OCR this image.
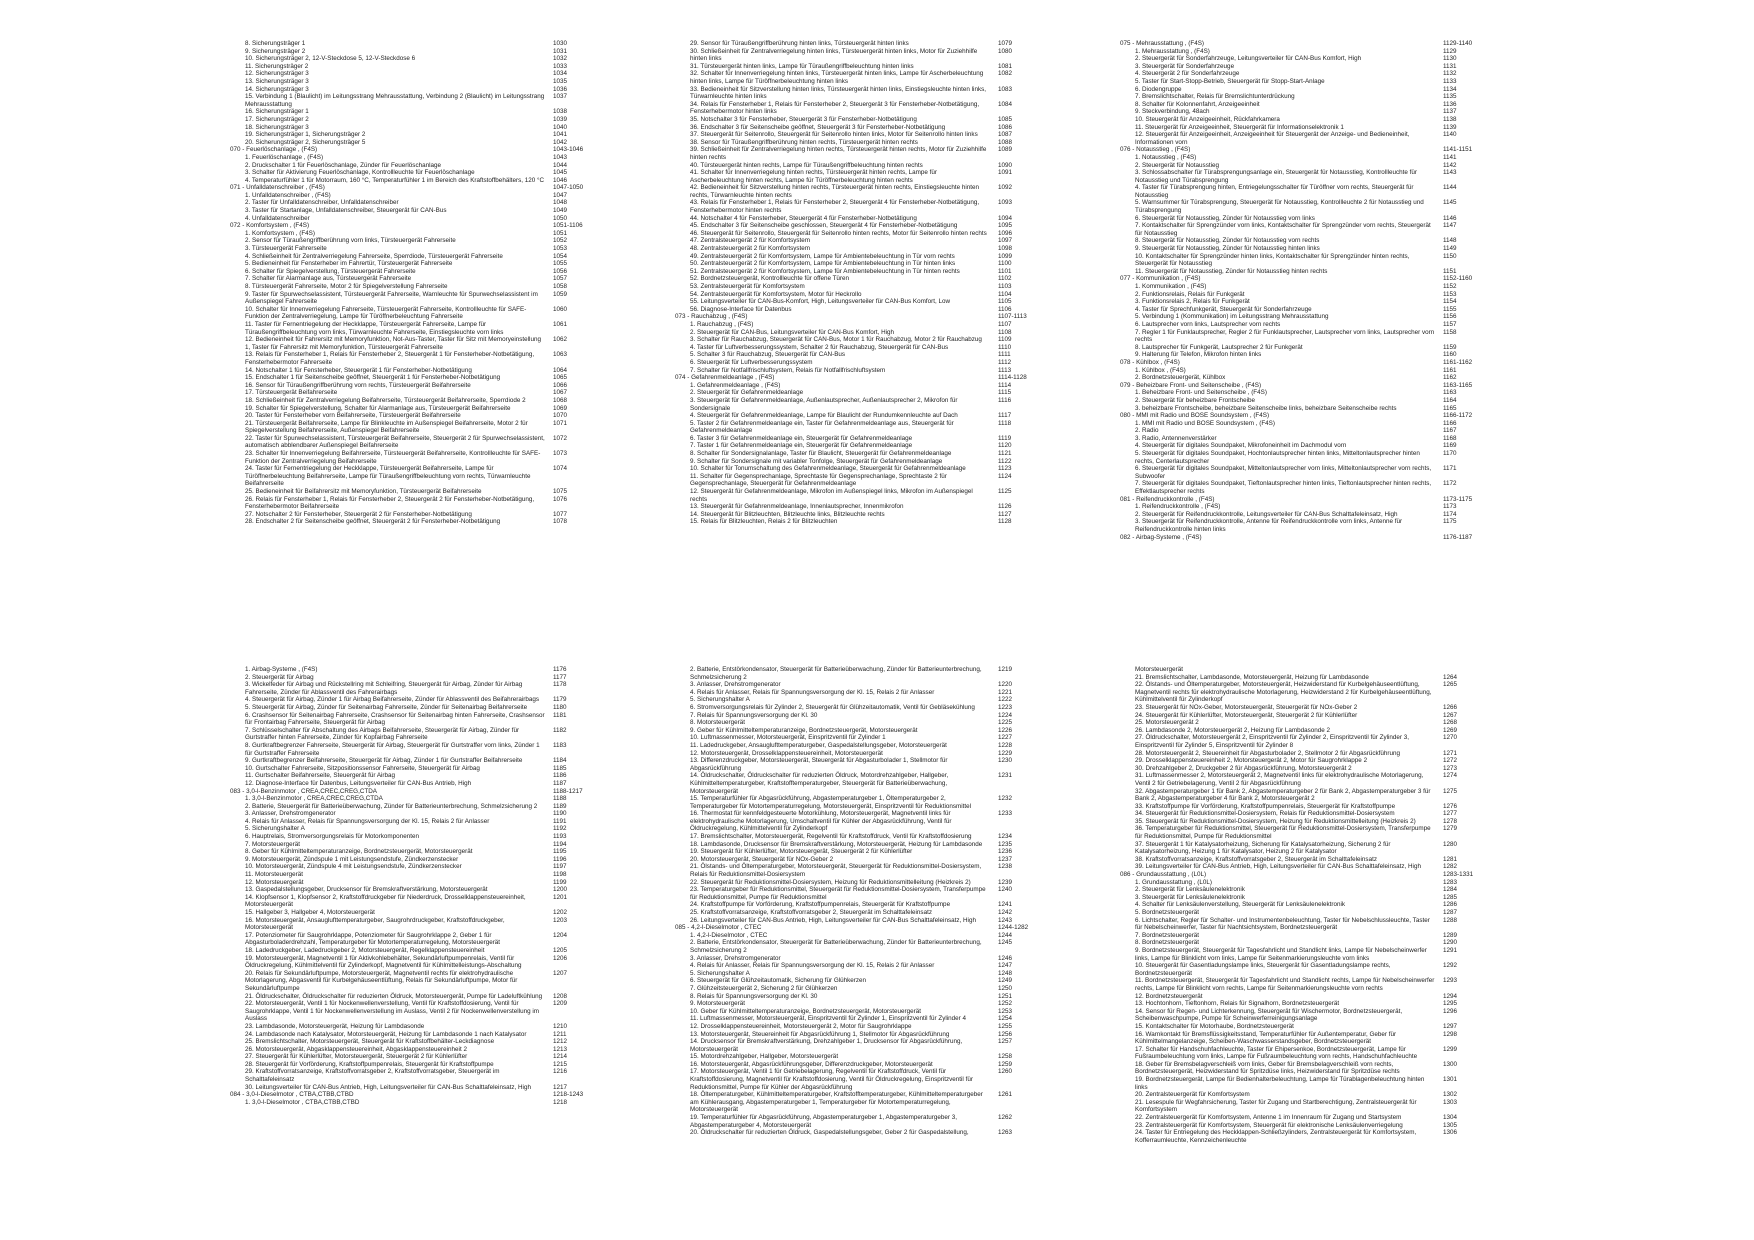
8. Sicherungsträger 1	1030
9. Sicherungsträger 2	1031
10. Sicherungsträger 2, 12-V-Steckdose 5, 12-V-Steckdose 6	1032
11. Sicherungsträger 2	1033
12. Sicherungsträger 3	1034
13. Sicherungsträger 3	1035
14. Sicherungsträger 3	1036
15. Verbindung 1 (Blaulicht) im Leitungsstrang Mehrausstattung, Verbindung 2 (Blaulicht) im Leitungsstrang Mehrausstattung
1037
16. Sicherungsträger 1	1038
17. Sicherungsträger 2	1039
18. Sicherungsträger 3	1040
19. Sicherungsträger 1, Sicherungsträger 2	1041
20. Sicherungsträger 2, Sicherungsträger 5	1042
070 - Feuerlöschanlage , (F4S)	1043-1046
1. Feuerlöschanlage , (F4S)	1043
2. Druckschalter 1 für Feuerlöschanlage, Zünder für Feuerlöschanlage	1044
3. Schalter für Aktivierung Feuerlöschanlage, Kontrollleuchte für Feuerlöschanlage	1045
4. Temperaturfühler 1 für Motorraum, 160 °C, Temperaturfühler 1 im Bereich des Kraftstoffbehälters, 120 °C	1046
071 - Unfalldatenschreiber , (F4S)	1047-1050
1. Unfalldatenschreiber , (F4S)	1047
2. Taster für Unfalldatenschreiber, Unfalldatenschreiber	1048
3. Taster für Startanlage, Unfalldatenschreiber, Steuergerät für CAN-Bus	1049
4. Unfalldatenschreiber	1050
072 - Komfortsystem , (F4S)	1051-1106
1. Komfortsystem , (F4S)	1051
2. Sensor für Türaußengriffberührung vorn links, Türsteuergerät Fahrerseite	1052
3. Türsteuergerät Fahrerseite	1053
4. Schließeinheit für Zentralverriegelung Fahrerseite, Sperrdiode, Türsteuergerät Fahrerseite	1054
5. Bedieneinheit für Fensterheber im Fahrertür, Türsteuergerät Fahrerseite	1055
6. Schalter für Spiegelverstellung, Türsteuergerät Fahrerseite	1056
7. Schalter für Alarmanlage aus, Türsteuergerät Fahrerseite	1057
8. Türsteuergerät Fahrerseite, Motor 2 für Spiegelverstellung Fahrerseite	1058
9. Taster für Spurwechselassistent, Türsteuergerät Fahrerseite, Warnleuchte für Spurwechselassistent im Außenspiegel Fahrerseite
1059
10. Schalter für Innenverriegelung Fahrerseite, Türsteuergerät Fahrerseite, Kontrollleuchte für SAFE-Funktion der Zentralverriegelung, Lampe für Türöffnerbeleuchtung Fahrerseite
1060
11. Taster für Fernentriegelung der Heckklappe, Türsteuergerät Fahrerseite, Lampe für Türaußengriffbeleuchtung vorn links, Türwarnleuchte Fahrerseite, Einstiegsleuchte vorn links
1061
12. Bedieneinheit für Fahrersitz mit Memoryfunktion, Not-Aus-Taster, Taster für Sitz mit Memoryeinstellung 1, Taster für Fahrersitz mit Memoryfunktion, Türsteuergerät Fahrerseite
1062
13. Relais für Fensterheber 1, Relais für Fensterheber 2, Steuergerät 1 für Fensterheber-Notbetätigung, Fensterhebermotor Fahrerseite
1063
14. Notschalter 1 für Fensterheber, Steuergerät 1 für Fensterheber-Notbetätigung	1064
15. Endschalter 1 für Seitenscheibe geöffnet, Steuergerät 1 für Fensterheber-Notbetätigung	1065
16. Sensor für Türaußengriffberührung vorn rechts, Türsteuergerät Beifahrerseite	1066
17. Türsteuergerät Beifahrerseite	1067
18. Schließeinheit für Zentralverriegelung Beifahrerseite, Türsteuergerät Beifahrerseite, Sperrdiode 2	1068
19. Schalter für Spiegelverstellung, Schalter für Alarmanlage aus, Türsteuergerät Beifahrerseite	1069
20. Taster für Fensterheber vorn Beifahrerseite, Türsteuergerät Beifahrerseite	1070
21. Türsteuergerät Beifahrerseite, Lampe für Blinkleuchte im Außenspiegel Beifahrerseite, Motor 2 für Spiegelverstellung Beifahrerseite, Außenspiegel Beifahrerseite
1071
22. Taster für Spurwechselassistent, Türsteuergerät Beifahrerseite, Steuergerät 2 für Spurwechselassistent, automatisch abblendbarer Außenspiegel Beifahrerseite
1072
23. Schalter für Innenverriegelung Beifahrerseite, Türsteuergerät Beifahrerseite, Kontrollleuchte für SAFE-Funktion der Zentralverriegelung Beifahrerseite
1073
24. Taster für Fernentriegelung der Heckklappe, Türsteuergerät Beifahrerseite, Lampe für Türöffnerbeleuchtung Beifahrerseite, Lampe für Türaußengriffbeleuchtung vorn rechts, Türwarnleuchte Beifahrerseite
1074
25. Bedieneinheit für Beifahrersitz mit Memoryfunktion, Türsteuergerät Beifahrerseite	1075
26. Relais für Fensterheber 1, Relais für Fensterheber 2, Steuergerät 2 für Fensterheber-Notbetätigung, Fensterhebermotor Beifahrerseite
1076
27. Notschalter 2 für Fensterheber, Steuergerät 2 für Fensterheber-Notbetätigung	1077
28. Endschalter 2 für Seitenscheibe geöffnet, Steuergerät 2 für Fensterheber-Notbetätigung	1078
29. Sensor für Türaußengriffberührung hinten links, Türsteuergerät hinten links	1079
30. Schließeinheit für Zentralverriegelung hinten links, Türsteuergerät hinten links, Motor für Zuziehhilfe hinten links
1080
31. Türsteuergerät hinten links, Lampe für Türaußengriffbeleuchtung hinten links	1081
32. Schalter für Innenverriegelung hinten links, Türsteuergerät hinten links, Lampe für Ascherbeleuchtung hinten links, Lampe für Türöffnerbeleuchtung hinten links
1082
33. Bedieneinheit für Sitzverstellung hinten links, Türsteuergerät hinten links, Einstiegsleuchte hinten links, Türwarnleuchte hinten links
1083
34. Relais für Fensterheber 1, Relais für Fensterheber 2, Steuergerät 3 für Fensterheber-Notbetätigung, Fensterhebermotor hinten links
1084
35. Notschalter 3 für Fensterheber, Steuergerät 3 für Fensterheber-Notbetätigung	1085
36. Endschalter 3 für Seitenscheibe geöffnet, Steuergerät 3 für Fensterheber-Notbetätigung	1086
37. Steuergerät für Seitenrollo, Steuergerät für Seitenrollo hinten links, Motor für Seitenrollo hinten links	1087
38. Sensor für Türaußengriffberührung hinten rechts, Türsteuergerät hinten rechts	1088
39. Schließeinheit für Zentralverriegelung hinten rechts, Türsteuergerät hinten rechts, Motor für Zuziehhilfe hinten rechts
1089
40. Türsteuergerät hinten rechts, Lampe für Türaußengriffbeleuchtung hinten rechts	1090
41. Schalter für Innenverriegelung hinten rechts, Türsteuergerät hinten rechts, Lampe für Ascherbeleuchtung hinten rechts, Lampe für Türöffnerbeleuchtung hinten rechts
1091
42. Bedieneinheit für Sitzverstellung hinten rechts, Türsteuergerät hinten rechts, Einstiegsleuchte hinten rechts, Türwarnleuchte hinten rechts
1092
43. Relais für Fensterheber 1, Relais für Fensterheber 2, Steuergerät 4 für Fensterheber-Notbetätigung, Fensterhebermotor hinten rechts
1093
44. Notschalter 4 für Fensterheber, Steuergerät 4 für Fensterheber-Notbetätigung	1094
45. Endschalter 3 für Seitenscheibe geschlossen, Steuergerät 4 für Fensterheber-Notbetätigung	1095
46. Steuergerät für Seitenrollo, Steuergerät für Seitenrollo hinten rechts, Motor für Seitenrollo hinten rechts	1096
47. Zentralsteuergerät 2 für Komfortsystem	1097
48. Zentralsteuergerät 2 für Komfortsystem	1098
49. Zentralsteuergerät 2 für Komfortsystem, Lampe für Ambientebeleuchtung in Tür vorn rechts	1099
50. Zentralsteuergerät 2 für Komfortsystem, Lampe für Ambientebeleuchtung in Tür hinten links	1100
51. Zentralsteuergerät 2 für Komfortsystem, Lampe für Ambientebeleuchtung in Tür hinten rechts	1101
52. Bordnetzsteuergerät, Kontrollleuchte für offene Türen	1102
53. Zentralsteuergerät für Komfortsystem	1103
54. Zentralsteuergerät für Komfortsystem, Motor für Heckrollo	1104
55. Leitungsverteiler für CAN-Bus-Komfort, High, Leitungsverteiler für CAN-Bus Komfort, Low	1105
56. Diagnose-Interface für Datenbus	1106
073 - Rauchabzug , (F4S)	1107-1113
1. Rauchabzug , (F4S)	1107
2. Steuergerät für CAN-Bus, Leitungsverteiler für CAN-Bus Komfort, High	1108
3. Schalter für Rauchabzug, Steuergerät für CAN-Bus, Motor 1 für Rauchabzug, Motor 2 für Rauchabzug	1109
4. Taster für Luftverbesserungssystem, Schalter 2 für Rauchabzug, Steuergerät für CAN-Bus	1110
5. Schalter 3 für Rauchabzug, Steuergerät für CAN-Bus	1111
6. Steuergerät für Luftverbesserungssystem	1112
7. Schalter für Notfallfrischluftsystem, Relais für Notfallfrischluftsystem	1113
074 - Gefahrenmeldeanlage , (F4S)	1114-1128
1. Gefahrenmeldeanlage , (F4S)	1114
2. Steuergerät für Gefahrenmeldeanlage	1115
3. Steuergerät für Gefahrenmeldeanlage, Außenlautsprecher, Außenlautsprecher 2, Mikrofon für Sondersignale
1116
4. Steuergerät für Gefahrenmeldeanlage, Lampe für Blaulicht der Rundumkennleuchte auf Dach	1117
5. Taster 2 für Gefahrenmeldeanlage ein, Taster für Gefahrenmeldeanlage aus, Steuergerät für Gefahrenmeldeanlage
1118
6. Taster 3 für Gefahrenmeldeanlage ein, Steuergerät für Gefahrenmeldeanlage	1119
7. Taster 1 für Gefahrenmeldeanlage ein, Steuergerät für Gefahrenmeldeanlage	1120
8. Schalter für Sondersignalanlage, Taster für Blaulicht, Steuergerät für Gefahrenmeldeanlage	1121
9. Schalter für Sondersignale mit variabler Tonfolge, Steuergerät für Gefahrenmeldeanlage	1122
10. Schalter für Tonumschaltung des Gefahrenmeldeanlage, Steuergerät für Gefahrenmeldeanlage	1123
11. Schalter für Gegensprechanlage, Sprechtaste für Gegensprechanlage, Sprechtaste 2 für Gegensprechanlage, Steuergerät für Gefahrenmeldeanlage
1124
12. Steuergerät für Gefahrenmeldeanlage, Mikrofon im Außenspiegel links, Mikrofon im Außenspiegel rechts
1125
13. Steuergerät für Gefahrenmeldeanlage, Innenlautsprecher, Innenmikrofon	1126
14. Steuergerät für Blitzleuchten, Blitzleuchte links, Blitzleuchte rechts	1127
15. Relais für Blitzleuchten, Relais 2 für Blitzleuchten	1128
075 - Mehrausstattung , (F4S)	1129-1140
1. Mehrausstattung , (F4S)	1129
2. Steuergerät für Sonderfahrzeuge, Leitungsverteiler für CAN-Bus Komfort, High	1130
3. Steuergerät für Sonderfahrzeuge	1131
4. Steuergerät 2 für Sonderfahrzeuge	1132
5. Taster für Start-Stopp-Betrieb, Steuergerät für Stopp-Start-Anlage	1133
6. Diodengruppe	1134
7. Bremslichtschalter, Relais für Bremslichtunterdrückung	1135
8. Schalter für Kolonnenfahrt, Anzeigeeinheit	1136
9. Steckverbindung, 48ach	1137
10. Steuergerät für Anzeigeeinheit, Rückfahrkamera	1138
11. Steuergerät für Anzeigeeinheit, Steuergerät für Informationselektronik 1	1139
12. Steuergerät für Anzeigeeinheit, Anzeigeeinheit für Steuergerät der Anzeige- und Bedieneinheit, Informationen vorn
1140
076 - Notausstieg , (F4S)	1141-1151
1. Notausstieg , (F4S)	1141
2. Steuergerät für Notausstieg	1142
3. Schlossabschalter für Türabsprengungsanlage ein, Steuergerät für Notausstieg, Kontrollleuchte für Notausstieg und Türabsprengung
1143
4. Taster für Türabsprengung hinten, Entriegelungsschalter für Türöffner vorn rechts, Steuergerät für Notausstieg
1144
5. Warnsummer für Türabsprengung, Steuergerät für Notausstieg, Kontrollleuchte 2 für Notausstieg und Türabsprengung
1145
6. Steuergerät für Notausstieg, Zünder für Notausstieg vorn links	1146
7. Kontaktschalter für Sprengzünder vorn links, Kontaktschalter für Sprengzünder vorn rechts, Steuergerät für Notausstieg
1147
8. Steuergerät für Notausstieg, Zünder für Notausstieg vorn rechts	1148
9. Steuergerät für Notausstieg, Zünder für Notausstieg hinten links	1149
10. Kontaktschalter für Sprengzünder hinten links, Kontaktschalter für Sprengzünder hinten rechts, Steuergerät für Notausstieg
1150
11. Steuergerät für Notausstieg, Zünder für Notausstieg hinten rechts	1151
077 - Kommunikation , (F4S)	1152-1160
1. Kommunikation , (F4S)	1152
2. Funktionsrelais, Relais für Funkgerät	1153
3. Funktionsrelais 2, Relais für Funkgerät	1154
4. Taster für Sprechfunkgerät, Steuergerät für Sonderfahrzeuge	1155
5. Verbindung 1 (Kommunikation) im Leitungsstrang Mehrausstattung	1156
6. Lautsprecher vorn links, Lautsprecher vorn rechts	1157
7. Regler 1 für Funklautsprecher, Regler 2 für Funklautsprecher, Lautsprecher vorn links, Lautsprecher vorn rechts
1158
8. Lautsprecher für Funkgerät, Lautsprecher 2 für Funkgerät	1159
9. Halterung für Telefon, Mikrofon hinten links	1160
078 - Kühlbox , (F4S)	1161-1162
1. Kühlbox , (F4S)	1161
2. Bordnetzsteuergerät, Kühlbox	1162
079 - Beheizbare Front- und Seitenscheibe , (F4S)	1163-1165
1. Beheizbare Front- und Seitenscheibe , (F4S)	1163
2. Steuergerät für beheizbare Frontscheibe	1164
3. beheizbare Frontscheibe, beheizbare Seitenscheibe links, beheizbare Seitenscheibe rechts	1165
080 - MMI mit Radio und BOSE Soundsystem , (F4S)	1166-1172
1. MMI mit Radio und BOSE Soundsystem , (F4S)	1166
2. Radio	1167
3. Radio, Antennenverstärker	1168
4. Steuergerät für digitales Soundpaket, Mikrofoneinheit im Dachmodul vorn	1169
5. Steuergerät für digitales Soundpaket, Hochtonlautsprecher hinten links, Mitteltonlautsprecher hinten rechts, Centerlautsprecher
1170
6. Steuergerät für digitales Soundpaket, Mitteltonlautsprecher vorn links, Mitteltonlautsprecher vorn rechts, Subwoofer
1171
7. Steuergerät für digitales Soundpaket, Tieftonlautsprecher hinten links, Tieftonlautsprecher hinten rechts, Effektlautsprecher rechts
1172
081 - Reifendruckkontrolle , (F4S)	1173-1175
1. Reifendruckkontrolle , (F4S)	1173
2. Steuergerät für Reifendruckkontrolle, Leitungsverteiler für CAN-Bus Schalttafeleinsatz, High	1174
3. Steuergerät für Reifendruckkontrolle, Antenne für Reifendruckkontrolle vorn links, Antenne für Reifendruckkontrolle hinten links
1175
082 - Airbag-Systeme , (F4S)	1176-1187
1. Airbag-Systeme , (F4S)	1176
2. Steuergerät für Airbag	1177
3. Wickelfeder für Airbag und Rückstellring mit Schleifring, Steuergerät für Airbag, Zünder für Airbag Fahrerseite, Zünder für Ablassventil des Fahrerairbags
1178
4. Steuergerät für Airbag, Zünder 1 für Airbag Beifahrerseite, Zünder für Ablassventil des Beifahrerairbags	1179
5. Steuergerät für Airbag, Zünder für Seitenairbag Fahrerseite, Zünder für Seitenairbag Beifahrerseite	1180
6. Crashsensor für Seitenairbag Fahrerseite, Crashsensor für Seitenairbag hinten Fahrerseite, Crashsensor für Frontairbag Fahrerseite, Steuergerät für Airbag
1181
7. Schlüsselschalter für Abschaltung des Airbags Beifahrerseite, Steuergerät für Airbag, Zünder für Gurtstraffer hinten Fahrerseite, Zünder für Kopfairbag Fahrerseite
1182
8. Gurtkraftbegrenzer Fahrerseite, Steuergerät für Airbag, Steuergerät für Gurtstraffer vorn links, Zünder 1 für Gurtstraffer Fahrerseite
1183
9. Gurtkraftbegrenzer Beifahrerseite, Steuergerät für Airbag, Zünder 1 für Gurtstraffer Beifahrerseite	1184
10. Gurtschalter Fahrerseite, Sitzpositionssensor Fahrerseite, Steuergerät für Airbag	1185
11. Gurtschalter Beifahrerseite, Steuergerät für Airbag	1186
12. Diagnose-Interface für Datenbus, Leitungsverteiler für CAN-Bus Antrieb, High	1187
083 - 3,0-l-Benzinmotor , CREA,CREC,CREG,CTDA	1188-1217
1. 3,0-l-Benzinmotor , CREA,CREC,CREG,CTDA	1188
2. Batterie, Steuergerät für Batterieüberwachung, Zünder für Batterieunterbrechung, Schmelzsicherung 2	1189
3. Anlasser, Drehstromgenerator	1190
4. Relais für Anlasser, Relais für Spannungsversorgung der Kl. 15, Relais 2 für Anlasser	1191
5. Sicherungshalter A	1192
6. Hauptrelais, Stromversorgungsrelais für Motorkomponenten	1193
7. Motorsteuergerät	1194
8. Geber für Kühlmitteltemperaturanzeige, Bordnetzsteuergerät, Motorsteuergerät	1195
9. Motorsteuergerät, Zündspule 1 mit Leistungsendstufe, Zündkerzenstecker	1196
10. Motorsteuergerät, Zündspule 4 mit Leistungsendstufe, Zündkerzenstecker	1197
11. Motorsteuergerät	1198
12. Motorsteuergerät	1199
13. Gaspedalstellungsgeber, Drucksensor für Bremskraftverstärkung, Motorsteuergerät	1200
14. Klopfsensor 1, Klopfsensor 2, Kraftstoffdruckgeber für Niederdruck, Drosselklappensteuereinheit, Motorsteuergerät
1201
15. Hallgeber 3, Hallgeber 4, Motorsteuergerät	1202
16. Motorsteuergerät, Ansauglufttemperaturgeber, Saugrohrdruckgeber, Kraftstoffdruckgeber, Motorsteuergerät
1203
17. Potenziometer für Saugrohrklappe, Potenziometer für Saugrohrklappe 2, Geber 1 für Abgasturboladerdrehzahl, Temperaturgeber für Motortemperaturregelung, Motorsteuergerät
1204
18. Ladedruckgeber, Ladedruckgeber 2, Motorsteuergerät, Regelklappensteuereinheit	1205
19. Motorsteuergerät, Magnetventil 1 für Aktivkohlebehälter, Sekundärluftpumpenrelais, Ventil für Öldruckregelung, Kühlmittelventil für Zylinderkopf, Magnetventil für Kühlmittelleistungs-Abschaltung
1206
20. Relais für Sekundärluftpumpe, Motorsteuergerät, Magnetventil rechts für elektrohydraulische Motorlagerung, Abgasventil für Kurbelgehäuseentlüftung, Relais für Sekundärluftpumpe, Motor für Sekundärluftpumpe
1207
21. Öldruckschalter, Öldruckschalter für reduzierten Öldruck, Motorsteuergerät, Pumpe für Ladeluftkühlung	1208
22. Motorsteuergerät, Ventil 1 für Nockenwellenverstellung, Ventil für Kraftstoffdosierung, Ventil für Saugrohrklappe, Ventil 1 für Nockenwellenverstellung im Auslass, Ventil 2 für Nockenwellenverstellung im Auslass
1209
23. Lambdasonde, Motorsteuergerät, Heizung für Lambdasonde	1210
24. Lambdasonde nach Katalysator, Motorsteuergerät, Heizung für Lambdasonde 1 nach Katalysator	1211
25. Bremslichtschalter, Motorsteuergerät, Steuergerät für Kraftstoffbehälter-Leckdiagnose	1212
26. Motorsteuergerät, Abgasklappensteuereinheit, Abgasklappensteuereinheit 2	1213
27. Steuergerät für Kühlerlüfter, Motorsteuergerät, Steuergerät 2 für Kühlerlüfter	1214
28. Steuergerät für Vorförderung, Kraftstoffpumpenrelais, Steuergerät für Kraftstoffpumpe	1215
29. Kraftstoffvorratsanzeige, Kraftstoffvorratsgeber 2, Kraftstoffvorratsgeber, Steuergerät im Schalttafeleinsatz
1216
30. Leitungsverteiler für CAN-Bus Antrieb, High, Leitungsverteiler für CAN-Bus Schalttafeleinsatz, High	1217
084 - 3,0-l-Dieselmotor , CTBA,CTBB,CTBD	1218-1243
1. 3,0-l-Dieselmotor , CTBA,CTBB,CTBD	1218
2. Batterie, Entstörkondensator, Steuergerät für Batterieüberwachung, Zünder für Batterieunterbrechung, Schmelzsicherung 2
1219
3. Anlasser, Drehstromgenerator	1220
4. Relais für Anlasser, Relais für Spannungsversorgung der Kl. 15, Relais 2 für Anlasser	1221
5. Sicherungshalter A	1222
6. Stromversorgungsrelais für Zylinder 2, Steuergerät für Glühzeitautomatik, Ventil für Gebläsekühlung	1223
7. Relais für Spannungsversorgung der Kl. 30	1224
8. Motorsteuergerät	1225
9. Geber für Kühlmitteltemperaturanzeige, Bordnetzsteuergerät, Motorsteuergerät	1226
10. Luftmassenmesser, Motorsteuergerät, Einspritzventil für Zylinder 1	1227
11. Ladedruckgeber, Ansauglufttemperaturgeber, Gaspedalstellungsgeber, Motorsteuergerät	1228
12. Motorsteuergerät, Drosselklappensteuereinheit, Motorsteuergerät	1229
13. Differenzdruckgeber, Motorsteuergerät, Steuergerät für Abgasturbolader 1, Stellmotor für Abgasrückführung
1230
14. Öldruckschalter, Öldruckschalter für reduzierten Öldruck, Motordrehzahlgeber, Hallgeber, Kühlmitteltemperaturgeber, Kraftstofftemperaturgeber, Steuergerät für Batterieüberwachung, Motorsteuergerät
1231
15. Temperaturfühler für Abgasrückführung, Abgastemperaturgeber 1, Öltemperaturgeber 2, Temperaturgeber für Motortemperaturregelung, Motorsteuergerät, Einspritzventil für Reduktionsmittel
1232
16. Thermostat für kennfeldgesteuerte Motorkühlung, Motorsteuergerät, Magnetventil links für elektrohydraulische Motorlagerung, Umschaltventil für Kühler der Abgasrückführung, Ventil für Öldruckregelung, Kühlmittelventil für Zylinderkopf
1233
17. Bremslichtschalter, Motorsteuergerät, Regelventil für Kraftstoffdruck, Ventil für Kraftstoffdosierung	1234
18. Lambdasonde, Drucksensor für Bremskraftverstärkung, Motorsteuergerät, Heizung für Lambdasonde	1235
19. Steuergerät für Kühlerlüfter, Motorsteuergerät, Steuergerät 2 für Kühlerlüfter	1236
20. Motorsteuergerät, Steuergerät für NOx-Geber 2	1237
21. Ölstands- und Öltemperaturgeber, Motorsteuergerät, Steuergerät für Reduktionsmittel-Dosiersystem, Relais für Reduktionsmittel-Dosiersystem
1238
22. Steuergerät für Reduktionsmittel-Dosiersystem, Heizung für Reduktionsmittelleitung (Heizkreis 2)	1239
23. Temperaturgeber für Reduktionsmittel, Steuergerät für Reduktionsmittel-Dosiersystem, Transferpumpe für Reduktionsmittel, Pumpe für Reduktionsmittel
1240
24. Kraftstoffpumpe für Vorförderung, Kraftstoffpumpenrelais, Steuergerät für Kraftstoffpumpe	1241
25. Kraftstoffvorratsanzeige, Kraftstoffvorratsgeber 2, Steuergerät im Schalttafeleinsatz	1242
26. Leitungsverteiler für CAN-Bus Antrieb, High, Leitungsverteiler für CAN-Bus Schalttafeleinsatz, High	1243
085 - 4,2-l-Dieselmotor , CTEC	1244-1282
1. 4,2-l-Dieselmotor , CTEC	1244
2. Batterie, Entstörkondensator, Steuergerät für Batterieüberwachung, Zünder für Batterieunterbrechung, Schmelzsicherung 2
1245
3. Anlasser, Drehstromgenerator	1246
4. Relais für Anlasser, Relais für Spannungsversorgung der Kl. 15, Relais 2 für Anlasser	1247
5. Sicherungshalter A	1248
6. Steuergerät für Glühzeitautomatik, Sicherung für Glühkerzen	1249
7. Glühzeitsteuergerät 2, Sicherung 2 für Glühkerzen	1250
8. Relais für Spannungsversorgung der Kl. 30	1251
9. Motorsteuergerät	1252
10. Geber für Kühlmitteltemperaturanzeige, Bordnetzsteuergerät, Motorsteuergerät	1253
11. Luftmassenmesser, Motorsteuergerät, Einspritzventil für Zylinder 1, Einspritzventil für Zylinder 4	1254
12. Drosselklappensteuereinheit, Motorsteuergerät 2, Motor für Saugrohrklappe	1255
13. Motorsteuergerät, Steuereinheit für Abgasrückführung 1, Stellmotor für Abgasrückführung	1256
14. Drucksensor für Bremskraftverstärkung, Drehzahlgeber 1, Drucksensor für Abgasrückführung, Motorsteuergerät
1257
15. Motordrehzahlgeber, Hallgeber, Motorsteuergerät	1258
16. Motorsteuergerät, Abgasrückführungsgeber, Differenzdruckgeber, Motorsteuergerät	1259
17. Motorsteuergerät, Ventil 1 für Getriebelagerung, Regelventil für Kraftstoffdruck, Ventil für Kraftstoffdosierung, Magnetventil für Kraftstoffdosierung, Ventil für Öldruckregelung, Einspritzventil für Reduktionsmittel, Pumpe für Kühler der Abgasrückführung
1260
18. Öltemperaturgeber, Kühlmitteltemperaturgeber, Kraftstofftemperaturgeber, Kühlmitteltemperaturgeber am Kühlerausgang, Abgastemperaturgeber 1, Temperaturgeber für Motortemperaturregelung, Motorsteuergerät
1261
19. Temperaturfühler für Abgasrückführung, Abgastemperaturgeber 1, Abgastemperaturgeber 3, Abgastemperaturgeber 4, Motorsteuergerät
1262
20. Öldruckschalter für reduzierten Öldruck, Gaspedalstellungsgeber, Geber 2 für Gaspedalstellung,	1263
Motorsteuergerät
21. Bremslichtschalter, Lambdasonde, Motorsteuergerät, Heizung für Lambdasonde	1264
22. Ölstands- und Öltemperaturgeber, Motorsteuergerät, Heizwiderstand für Kurbelgehäuseentlüftung, Magnetventil rechts für elektrohydraulische Motorlagerung, Heizwiderstand 2 für Kurbelgehäuseentlüftung, Kühlmittelventil für Zylinderkopf
1265
23. Steuergerät für NOx-Geber, Motorsteuergerät, Steuergerät für NOx-Geber 2	1266
24. Steuergerät für Kühlerlüfter, Motorsteuergerät, Steuergerät 2 für Kühlerlüfter	1267
25. Motorsteuergerät 2	1268
26. Lambdasonde 2, Motorsteuergerät 2, Heizung für Lambdasonde 2	1269
27. Öldruckschalter, Motorsteuergerät 2, Einspritzventil für Zylinder 2, Einspritzventil für Zylinder 3, Einspritzventil für Zylinder 5, Einspritzventil für Zylinder 8
1270
28. Motorsteuergerät 2, Steuereinheit für Abgasturbolader 2, Stellmotor 2 für Abgasrückführung	1271
29. Drosselklappensteuereinheit 2, Motorsteuergerät 2, Motor für Saugrohrklappe 2	1272
30. Drehzahlgeber 2, Druckgeber 2 für Abgasrückführung, Motorsteuergerät 2	1273
31. Luftmassenmesser 2, Motorsteuergerät 2, Magnetventil links für elektrohydraulische Motorlagerung, Ventil 2 für Getriebelagerung, Ventil 2 für Abgasrückführung
1274
32. Abgastemperaturgeber 1 für Bank 2, Abgastemperaturgeber 2 für Bank 2, Abgastemperaturgeber 3 für Bank 2, Abgastemperaturgeber 4 für Bank 2, Motorsteuergerät 2
1275
33. Kraftstoffpumpe für Vorförderung, Kraftstoffpumpenrelais, Steuergerät für Kraftstoffpumpe	1276
34. Steuergerät für Reduktionsmittel-Dosiersystem, Relais für Reduktionsmittel-Dosiersystem	1277
35. Steuergerät für Reduktionsmittel-Dosiersystem, Heizung für Reduktionsmittelleitung (Heizkreis 2)	1278
36. Temperaturgeber für Reduktionsmittel, Steuergerät für Reduktionsmittel-Dosiersystem, Transferpumpe für Reduktionsmittel, Pumpe für Reduktionsmittel
1279
37. Steuergerät 1 für Katalysatorheizung, Sicherung für Katalysatorheizung, Sicherung 2 für Katalysatorheizung, Heizung 1 für Katalysator, Heizung 2 für Katalysator
1280
38. Kraftstoffvorratsanzeige, Kraftstoffvorratsgeber 2, Steuergerät im Schalttafeleinsatz	1281
39. Leitungsverteiler für CAN-Bus Antrieb, High, Leitungsverteiler für CAN-Bus Schalttafeleinsatz, High	1282
086 - Grundausstattung , (L0L)	1283-1331
1. Grundausstattung , (L0L)	1283
2. Steuergerät für Lenksäulenelektronik	1284
3. Steuergerät für Lenksäulenelektronik	1285
4. Schalter für Lenksäulenverstellung, Steuergerät für Lenksäulenelektronik	1286
5. Bordnetzsteuergerät	1287
6. Lichtschalter, Regler für Schalter- und Instrumentenbeleuchtung, Taster für Nebelschlussleuchte, Taster für Nebelscheinwerfer, Taster für Nachtsichtsystem, Bordnetzsteuergerät
1288
7. Bordnetzsteuergerät	1289
8. Bordnetzsteuergerät	1290
9. Bordnetzsteuergerät, Steuergerät für Tagesfahrlicht und Standlicht links, Lampe für Nebelscheinwerfer links, Lampe für Blinklicht vorn links, Lampe für Seitenmarkierungsleuchte vorn links
1291
10. Steuergerät für Gasentladungslampe links, Steuergerät für Gasentladungslampe rechts, Bordnetzsteuergerät
1292
11. Bordnetzsteuergerät, Steuergerät für Tagesfahrlicht und Standlicht rechts, Lampe für Nebelscheinwerfer rechts, Lampe für Blinklicht vorn rechts, Lampe für Seitenmarkierungsleuchte vorn rechts
1293
12. Bordnetzsteuergerät	1294
13. Hochtonhorn, Tieftonhorn, Relais für Signalhorn, Bordnetzsteuergerät	1295
14. Sensor für Regen- und Lichterkennung, Steuergerät für Wischermotor, Bordnetzsteuergerät, Scheibenwaschpumpe, Pumpe für Scheinwerferreinigungsanlage
1296
15. Kontaktschalter für Motorhaube, Bordnetzsteuergerät	1297
16. Warnkontakt für Bremsflüssigkeitsstand, Temperaturfühler für Außentemperatur, Geber für Kühlmittelmangelanzeige, Scheiben-Waschwasserstandsgeber, Bordnetzsteuergerät
1298
17. Schalter für Handschuhfachleuchte, Taster für Ehipersenkoe, Bordnetzsteuergerät, Lampe für Fußraumbeleuchtung vorn links, Lampe für Fußraumbeleuchtung vorn rechts, Handschuhfachleuchte
1299
18. Geber für Bremsbelagverschleiß vorn links, Geber für Bremsbelagverschleiß vorn rechts, Bordnetzsteuergerät, Heizwiderstand für Spritzdüse links, Heizwiderstand für Spritzdüse rechts
1300
19. Bordnetzsteuergerät, Lampe für Bedienhalterbeleuchtung, Lampe für Türablagenbeleuchtung hinten links
1301
20. Zentralsteuergerät für Komfortsystem	1302
21. Lesespule für Wegfahrsicherung, Taster für Zugang und Startberechtigung, Zentralsteuergerät für Komfortsystem
1303
22. Zentralsteuergerät für Komfortsystem, Antenne 1 im Innenraum für Zugang und Startsystem	1304
23. Zentralsteuergerät für Komfortsystem, Steuergerät für elektronische Lenksäulenverriegelung	1305
24. Taster für Entriegelung des Heckklappen-Schließzylinders, Zentralsteuergerät für Komfortsystem, Kofferraumleuchte, Kennzeichenleuchte
1306
